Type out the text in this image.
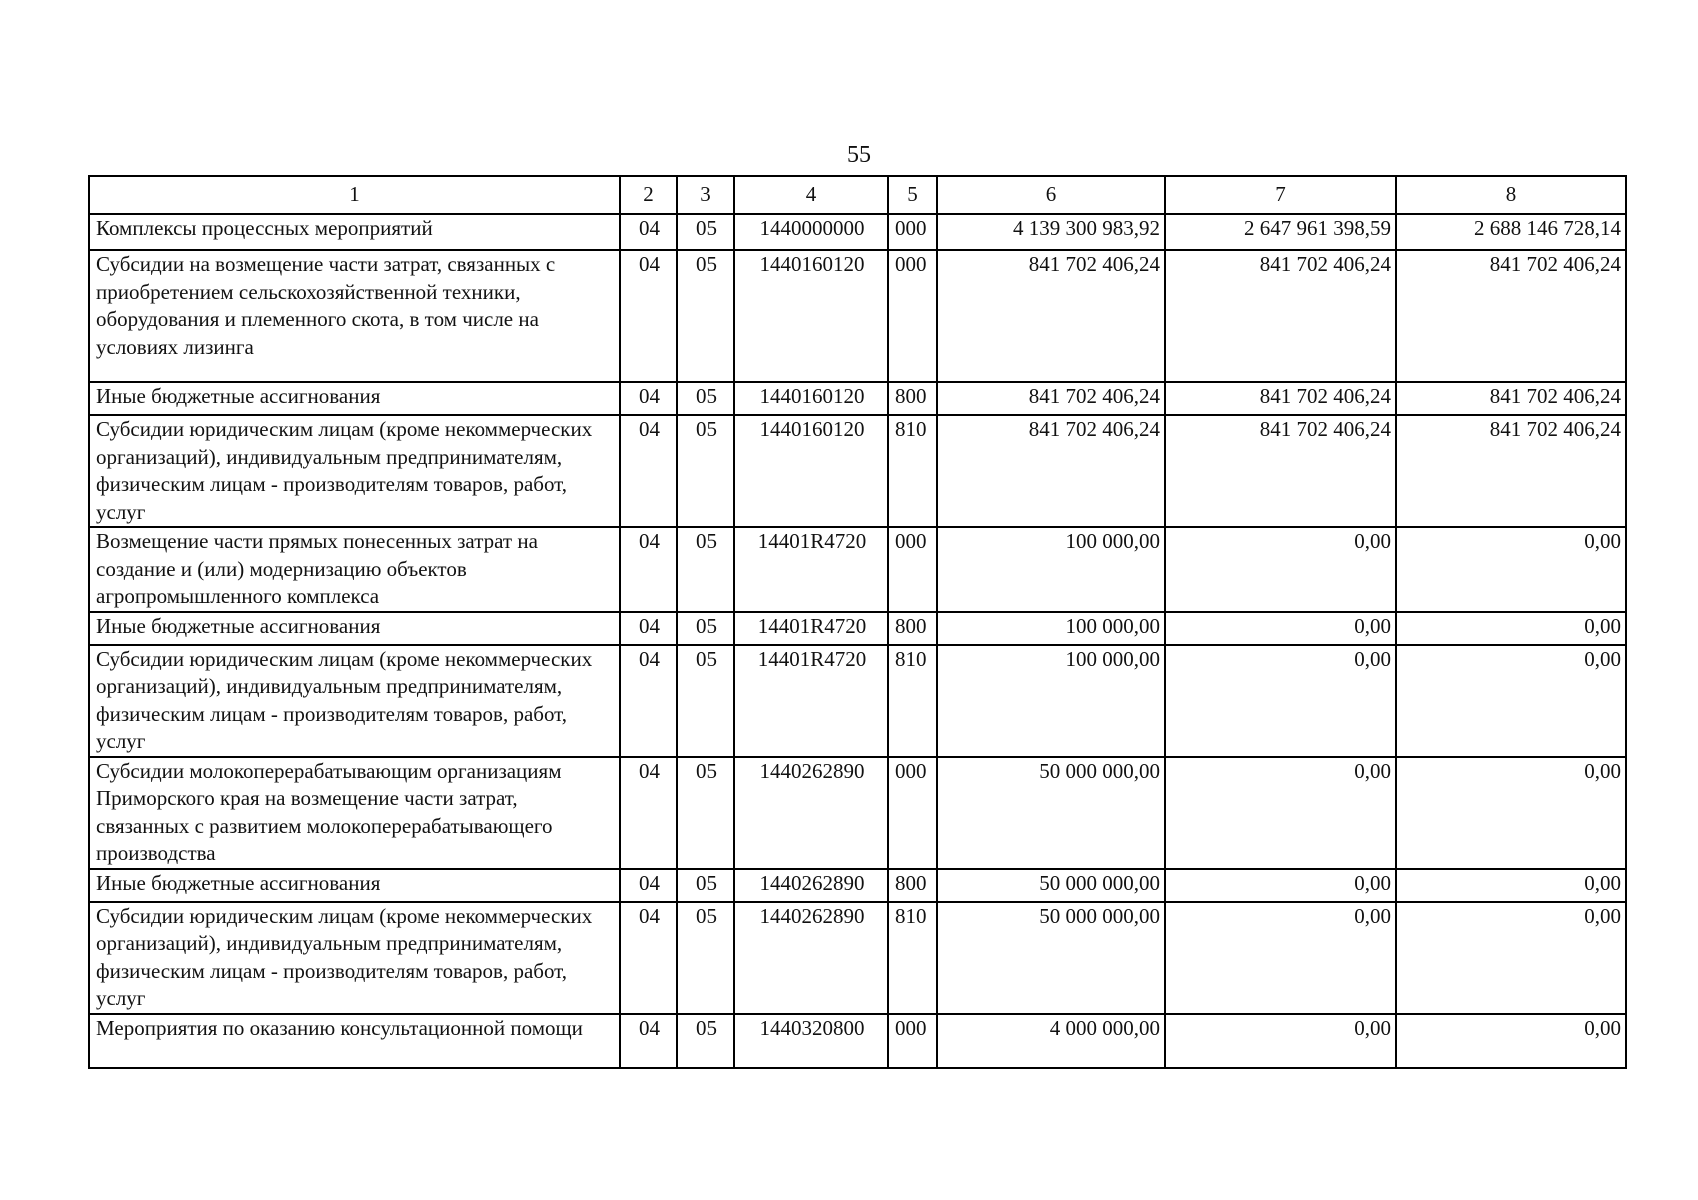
55
1	2	3	4	5	6	7	8
Комплексы процессных мероприятий	04	05	1440000000	000	4 139 300 983,92	2 647 961 398,59	2 688 146 728,14
Субсидии на возмещение части затрат, связанных с приобретением сельскохозяйственной техники, оборудования и племенного скота, в том числе на условиях лизинга	04	05	1440160120	000	841 702 406,24	841 702 406,24	841 702 406,24
Иные бюджетные ассигнования	04	05	1440160120	800	841 702 406,24	841 702 406,24	841 702 406,24
Субсидии юридическим лицам (кроме некоммерческих организаций), индивидуальным предпринимателям, физическим лицам - производителям товаров, работ, услуг	04	05	1440160120	810	841 702 406,24	841 702 406,24	841 702 406,24
Возмещение части прямых понесенных затрат на создание и (или) модернизацию объектов агропромышленного комплекса	04	05	14401R4720	000	100 000,00	0,00	0,00
Иные бюджетные ассигнования	04	05	14401R4720	800	100 000,00	0,00	0,00
Субсидии юридическим лицам (кроме некоммерческих организаций), индивидуальным предпринимателям, физическим лицам - производителям товаров, работ, услуг	04	05	14401R4720	810	100 000,00	0,00	0,00
Субсидии молокоперерабатывающим организациям Приморского края на возмещение части затрат, связанных с развитием молокоперерабатывающего производства	04	05	1440262890	000	50 000 000,00	0,00	0,00
Иные бюджетные ассигнования	04	05	1440262890	800	50 000 000,00	0,00	0,00
Субсидии юридическим лицам (кроме некоммерческих организаций), индивидуальным предпринимателям, физическим лицам - производителям товаров, работ, услуг	04	05	1440262890	810	50 000 000,00	0,00	0,00
Мероприятия по оказанию консультационной помощи	04	05	1440320800	000	4 000 000,00	0,00	0,00
